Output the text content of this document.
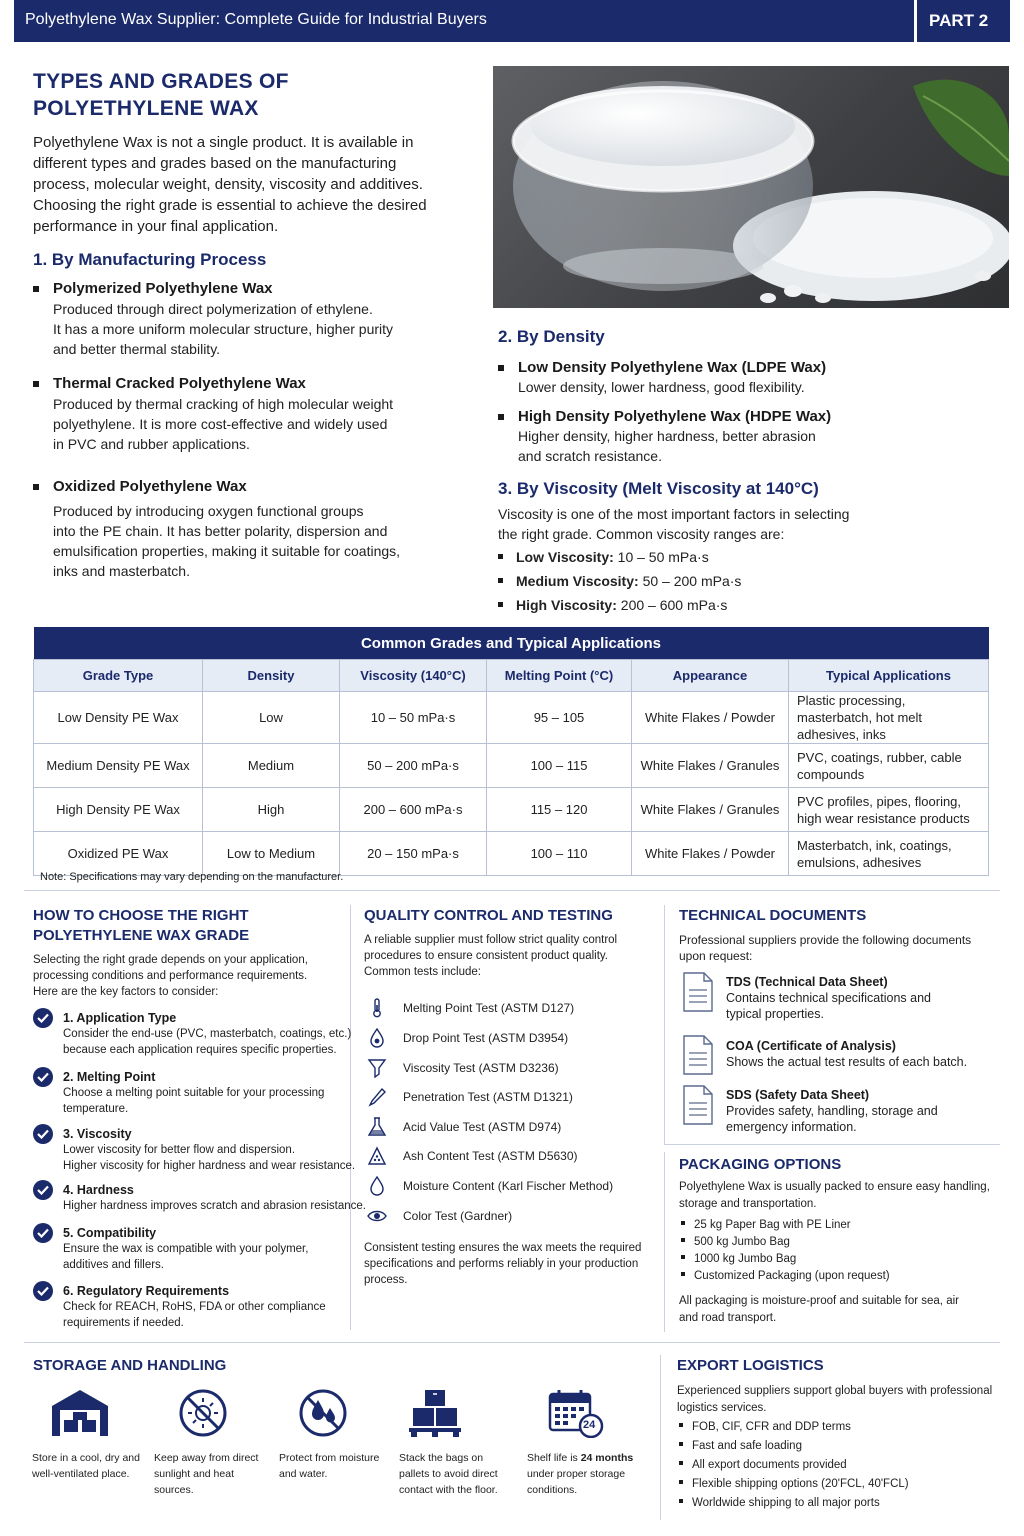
Polyethylene Wax Supplier: Complete Guide for Industrial Buyers	PART 2
TYPES AND GRADES OF
POLYETHYLENE WAX
Polyethylene Wax is not a single product. It is available in
different types and grades based on the manufacturing
process, molecular weight, density, viscosity and additives.
Choosing the right grade is essential to achieve the desired
performance in your final application.
1. By Manufacturing Process
Polymerized Polyethylene Wax
Produced through direct polymerization of ethylene.
It has a more uniform molecular structure, higher purity
and better thermal stability.
Thermal Cracked Polyethylene Wax
Produced by thermal cracking of high molecular weight
polyethylene. It is more cost-effective and widely used
in PVC and rubber applications.
Oxidized Polyethylene Wax
Produced by introducing oxygen functional groups
into the PE chain. It has better polarity, dispersion and
emulsification properties, making it suitable for coatings,
inks and masterbatch.
2. By Density
Low Density Polyethylene Wax (LDPE Wax)
Lower density, lower hardness, good flexibility.
High Density Polyethylene Wax (HDPE Wax)
Higher density, higher hardness, better abrasion
and scratch resistance.
3. By Viscosity (Melt Viscosity at 140°C)
Viscosity is one of the most important factors in selecting
the right grade. Common viscosity ranges are:
Low Viscosity: 10 – 50 mPa·s
Medium Viscosity: 50 – 200 mPa·s
High Viscosity: 200 – 600 mPa·s
Common Grades and Typical Applications					
Grade Type	Density	Viscosity (140°C)	Melting Point (°C)	Appearance	Typical Applications
Low Density PE Wax	Low	10 – 50 mPa·s	95 – 105	White Flakes / Powder	Plastic processing, masterbatch, hot melt adhesives, inks
Medium Density PE Wax	Medium	50 – 200 mPa·s	100 – 115	White Flakes / Granules	PVC, coatings, rubber, cable compounds
High Density PE Wax	High	200 – 600 mPa·s	115 – 120	White Flakes / Granules	PVC profiles, pipes, flooring, high wear resistance products
Oxidized PE Wax	Low to Medium	20 – 150 mPa·s	100 – 110	White Flakes / Powder	Masterbatch, ink, coatings, emulsions, adhesives
Note: Specifications may vary depending on the manufacturer.
HOW TO CHOOSE THE RIGHT
POLYETHYLENE WAX GRADE
Selecting the right grade depends on your application,
processing conditions and performance requirements.
Here are the key factors to consider:
1. Application Type
Consider the end-use (PVC, masterbatch, coatings, etc.)
because each application requires specific properties.
2. Melting Point
Choose a melting point suitable for your processing
temperature.
3. Viscosity
Lower viscosity for better flow and dispersion.
Higher viscosity for higher hardness and wear resistance.
4. Hardness
Higher hardness improves scratch and abrasion resistance.
5. Compatibility
Ensure the wax is compatible with your polymer,
additives and fillers.
6. Regulatory Requirements
Check for REACH, RoHS, FDA or other compliance
requirements if needed.
QUALITY CONTROL AND TESTING
A reliable supplier must follow strict quality control
procedures to ensure consistent product quality.
Common tests include:
Melting Point Test (ASTM D127)
Drop Point Test (ASTM D3954)
Viscosity Test (ASTM D3236)
Penetration Test (ASTM D1321)
Acid Value Test (ASTM D974)
Ash Content Test (ASTM D5630)
Moisture Content (Karl Fischer Method)
Color Test (Gardner)
Consistent testing ensures the wax meets the required
specifications and performs reliably in your production
process.
TECHNICAL DOCUMENTS
Professional suppliers provide the following documents
upon request:
TDS (Technical Data Sheet)
Contains technical specifications and
typical properties.
COA (Certificate of Analysis)
Shows the actual test results of each batch.
SDS (Safety Data Sheet)
Provides safety, handling, storage and
emergency information.
PACKAGING OPTIONS
Polyethylene Wax is usually packed to ensure easy handling,
storage and transportation.
25 kg Paper Bag with PE Liner
500 kg Jumbo Bag
1000 kg Jumbo Bag
Customized Packaging (upon request)
All packaging is moisture-proof and suitable for sea, air
and road transport.
STORAGE AND HANDLING
Store in a cool, dry and
well-ventilated place.
Keep away from direct
sunlight and heat
sources.
Protect from moisture
and water.
Stack the bags on
pallets to avoid direct
contact with the floor.
24
Shelf life is 24 months
under proper storage
conditions.
EXPORT LOGISTICS
Experienced suppliers support global buyers with professional
logistics services.
FOB, CIF, CFR and DDP terms
Fast and safe loading
All export documents provided
Flexible shipping options (20'FCL, 40'FCL)
Worldwide shipping to all major ports
